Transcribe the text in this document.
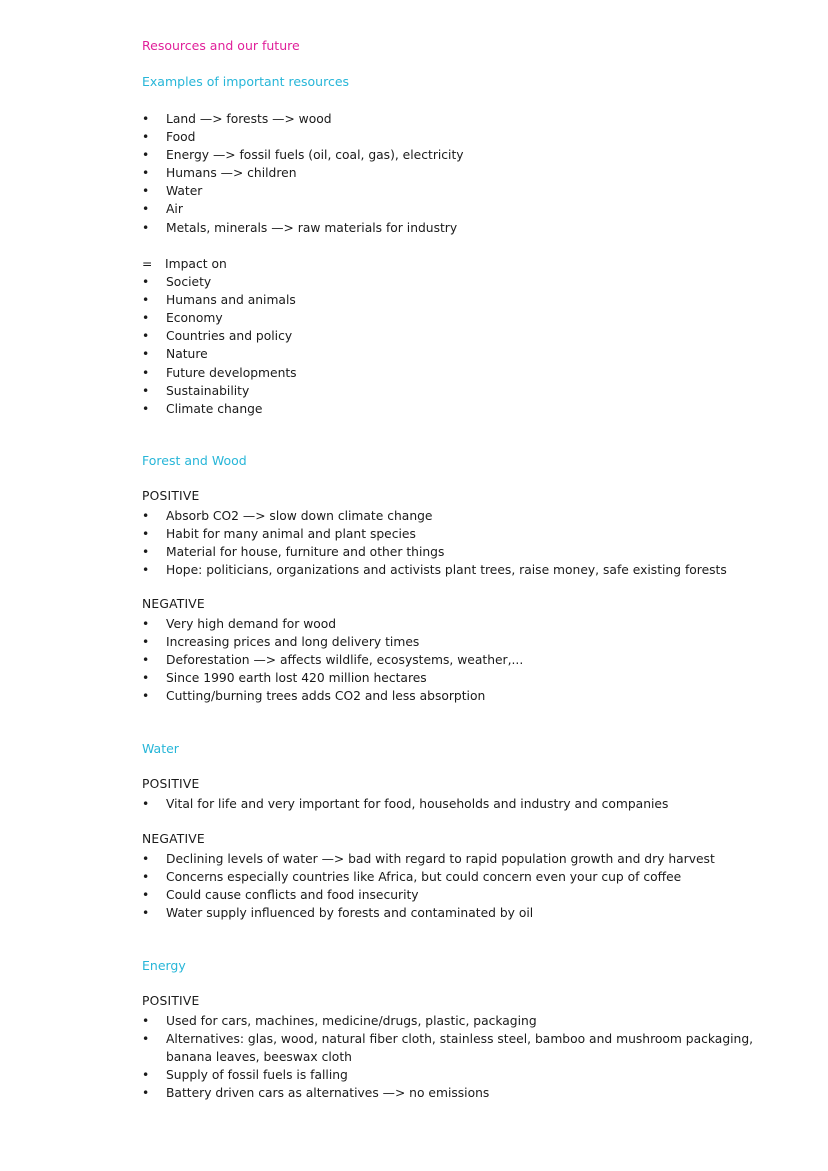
Resources and our future
Examples of important resources
• Land —> forests —> wood
• Food
• Energy —> fossil fuels (oil, coal, gas), electricity
• Humans —> children
• Water
• Air
• Metals, minerals —> raw materials for industry
= Impact on
• Society
• Humans and animals
• Economy
• Countries and policy
• Nature
• Future developments
• Sustainability
• Climate change
Forest and Wood
POSITIVE
• Absorb CO2 —> slow down climate change
• Habit for many animal and plant species
• Material for house, furniture and other things
• Hope: politicians, organizations and activists plant trees, raise money, safe existing forests
NEGATIVE
• Very high demand for wood
• Increasing prices and long delivery times
• Deforestation —> affects wildlife, ecosystems, weather,...
• Since 1990 earth lost 420 million hectares
• Cutting/burning trees adds CO2 and less absorption
Water
POSITIVE
• Vital for life and very important for food, households and industry and companies
NEGATIVE
• Declining levels of water —> bad with regard to rapid population growth and dry harvest
• Concerns especially countries like Africa, but could concern even your cup of coffee
• Could cause conflicts and food insecurity
• Water supply influenced by forests and contaminated by oil
Energy
POSITIVE
• Used for cars, machines, medicine/drugs, plastic, packaging
• Alternatives: glas, wood, natural fiber cloth, stainless steel, bamboo and mushroom packaging, banana leaves, beeswax cloth
• Supply of fossil fuels is falling
• Battery driven cars as alternatives —> no emissions
